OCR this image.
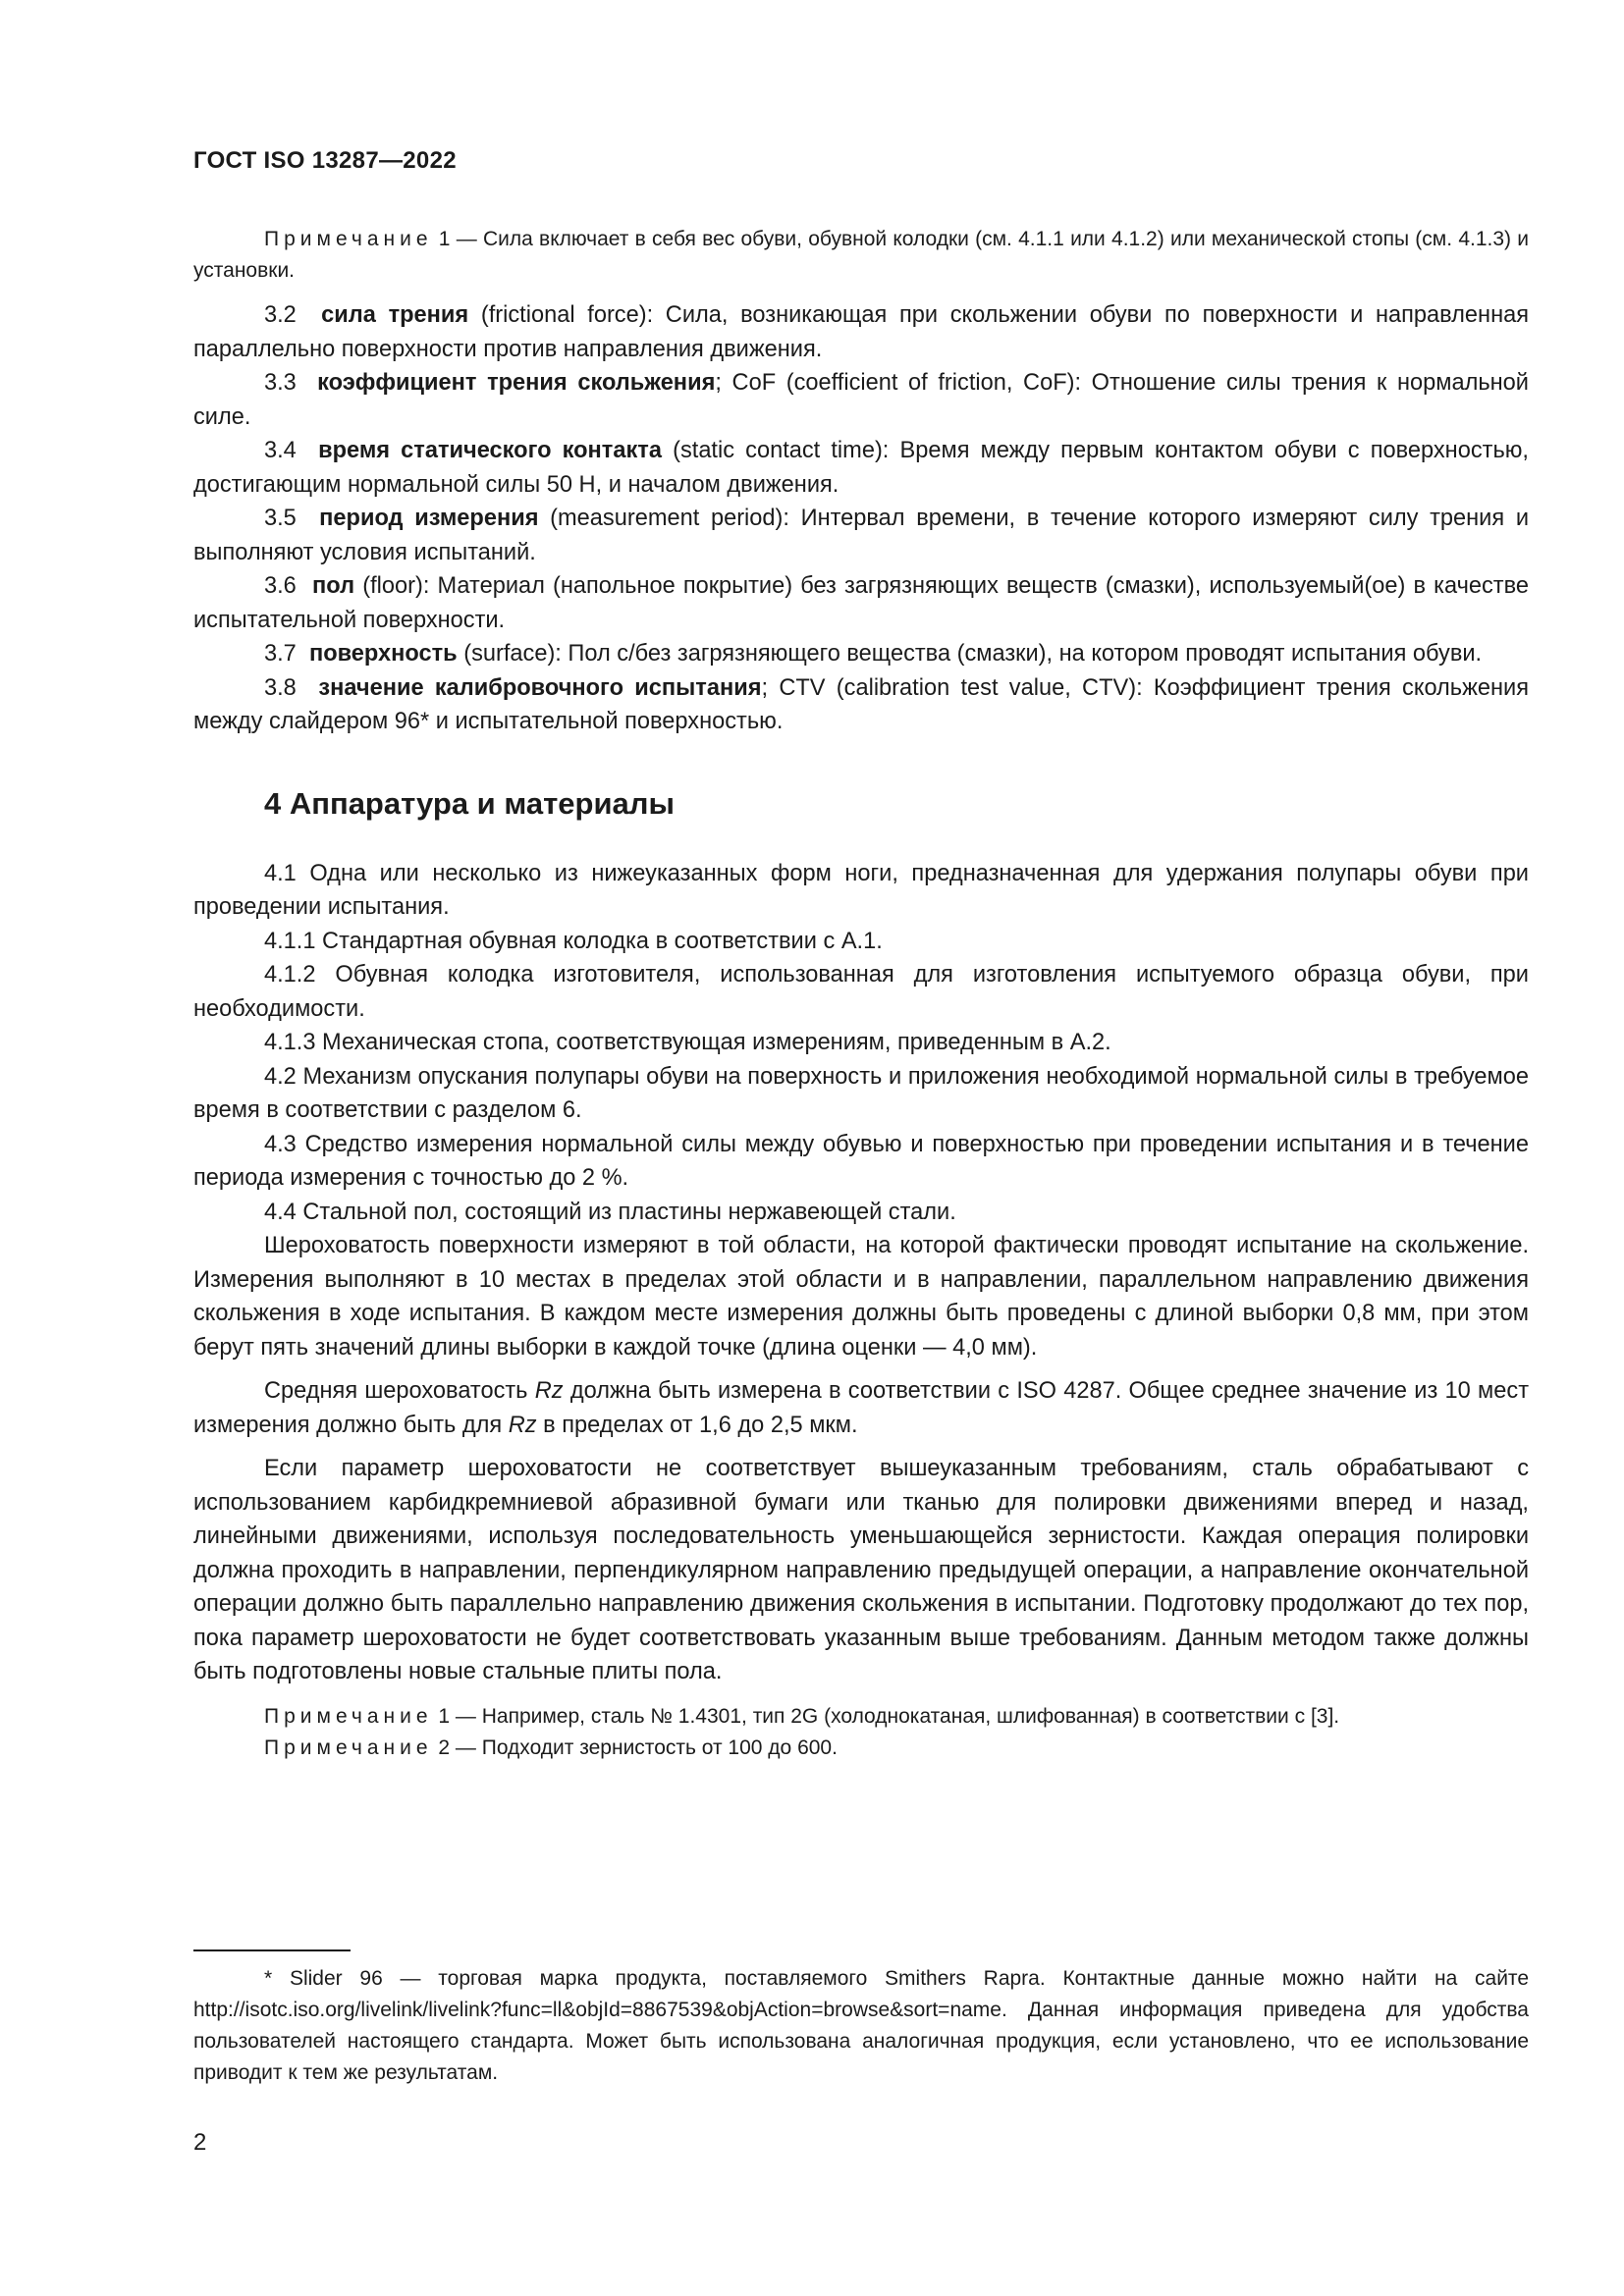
ГОСТ ISO 13287—2022

Примечание 1 — Сила включает в себя вес обуви, обувной колодки (см. 4.1.1 или 4.1.2) или механической стопы (см. 4.1.3) и установки.

3.2 сила трения (frictional force): Сила, возникающая при скольжении обуви по поверхности и направленная параллельно поверхности против направления движения.

3.3 коэффициент трения скольжения; CoF (coefficient of friction, CoF): Отношение силы трения к нормальной силе.

3.4 время статического контакта (static contact time): Время между первым контактом обуви с поверхностью, достигающим нормальной силы 50 Н, и началом движения.

3.5 период измерения (measurement period): Интервал времени, в течение которого измеряют силу трения и выполняют условия испытаний.

3.6 пол (floor): Материал (напольное покрытие) без загрязняющих веществ (смазки), используемый(ое) в качестве испытательной поверхности.

3.7 поверхность (surface): Пол с/без загрязняющего вещества (смазки), на котором проводят испытания обуви.

3.8 значение калибровочного испытания; CTV (calibration test value, CTV): Коэффициент трения скольжения между слайдером 96* и испытательной поверхностью.

4 Аппаратура и материалы

4.1 Одна или несколько из нижеуказанных форм ноги, предназначенная для удержания полупары обуви при проведении испытания.

4.1.1 Стандартная обувная колодка в соответствии с А.1.

4.1.2 Обувная колодка изготовителя, использованная для изготовления испытуемого образца обуви, при необходимости.

4.1.3 Механическая стопа, соответствующая измерениям, приведенным в А.2.

4.2 Механизм опускания полупары обуви на поверхность и приложения необходимой нормальной силы в требуемое время в соответствии с разделом 6.

4.3 Средство измерения нормальной силы между обувью и поверхностью при проведении испытания и в течение периода измерения с точностью до 2 %.

4.4 Стальной пол, состоящий из пластины нержавеющей стали.

Шероховатость поверхности измеряют в той области, на которой фактически проводят испытание на скольжение. Измерения выполняют в 10 местах в пределах этой области и в направлении, параллельном направлению движения скольжения в ходе испытания. В каждом месте измерения должны быть проведены с длиной выборки 0,8 мм, при этом берут пять значений длины выборки в каждой точке (длина оценки — 4,0 мм).

Средняя шероховатость Rz должна быть измерена в соответствии с ISO 4287. Общее среднее значение из 10 мест измерения должно быть для Rz в пределах от 1,6 до 2,5 мкм.

Если параметр шероховатости не соответствует вышеуказанным требованиям, сталь обрабатывают с использованием карбидкремниевой абразивной бумаги или тканью для полировки движениями вперед и назад, линейными движениями, используя последовательность уменьшающейся зернистости. Каждая операция полировки должна проходить в направлении, перпендикулярном направлению предыдущей операции, а направление окончательной операции должно быть параллельно направлению движения скольжения в испытании. Подготовку продолжают до тех пор, пока параметр шероховатости не будет соответствовать указанным выше требованиям. Данным методом также должны быть подготовлены новые стальные плиты пола.

Примечание 1 — Например, сталь № 1.4301, тип 2G (холоднокатаная, шлифованная) в соответствии с [3].

Примечание 2 — Подходит зернистость от 100 до 600.

* Slider 96 — торговая марка продукта, поставляемого Smithers Rapra. Контактные данные можно найти на сайте http://isotc.iso.org/livelink/livelink?func=ll&objId=8867539&objAction=browse&sort=name. Данная информация приведена для удобства пользователей настоящего стандарта. Может быть использована аналогичная продукция, если установлено, что ее использование приводит к тем же результатам.

2
